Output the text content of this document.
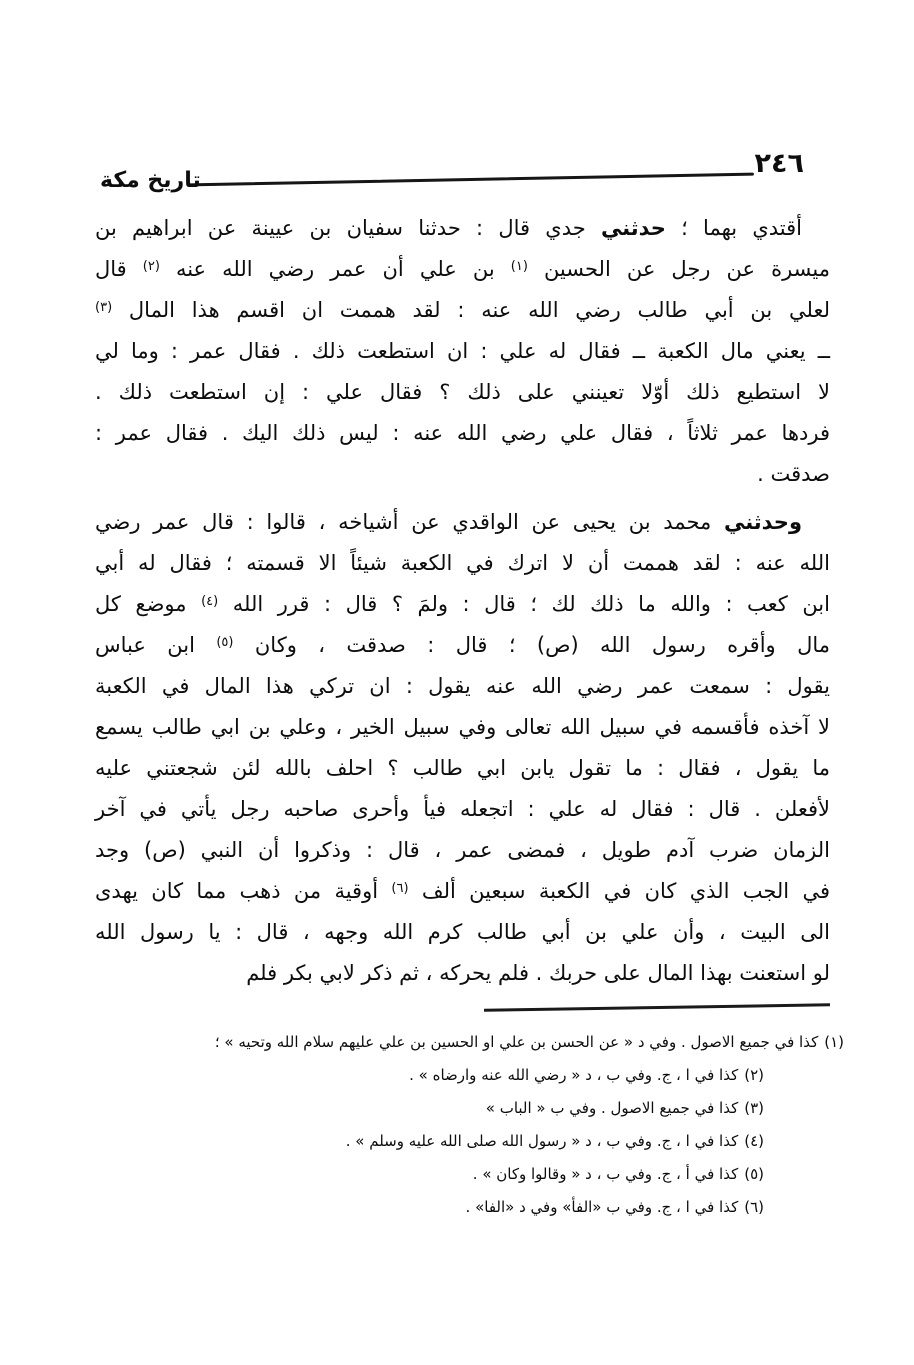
٢٤٦
تاريخ مكة
أقتدي بهما ؛ حدثني جدي قال : حدثنا سفيان بن عيينة عن ابراهيم بن
ميسرة عن رجل عن الحسين $^{(١)}$ بن علي أن عمر رضي الله عنه $^{(٢)}$ قال
لعلي بن أبي طالب رضي الله عنه : لقد هممت ان اقسم هذا المال $^{(٣)}$
ــ يعني مال الكعبة ــ فقال له علي : ان استطعت ذلك . فقال عمر : وما لي
لا استطيع ذلك أوّلا تعينني على ذلك ؟ فقال علي : إن استطعت ذلك .
فردها عمر ثلاثاً ، فقال علي رضي الله عنه : ليس ذلك اليك . فقال عمر :
صدقت .
وحدثني محمد بن يحيى عن الواقدي عن أشياخه ، قالوا : قال عمر رضي
الله عنه : لقد هممت أن لا اترك في الكعبة شيئاً الا قسمته ؛ فقال له أبي
ابن كعب : والله ما ذلك لك ؛ قال : ولمَ ؟ قال : قرر الله $^{(٤)}$ موضع كل
مال وأقره رسول الله (ص) ؛ قال : صدقت ، وكان $^{(٥)}$ ابن عباس
يقول : سمعت عمر رضي الله عنه يقول : ان تركي هذا المال في الكعبة
لا آخذه فأقسمه في سبيل الله تعالى وفي سبيل الخير ، وعلي بن ابي طالب يسمع
ما يقول ، فقال : ما تقول يابن ابي طالب ؟ احلف بالله لئن شجعتني عليه
لأفعلن . قال : فقال له علي : اتجعله فيأ وأحرى صاحبه رجل يأتي في آخر
الزمان ضرب آدم طويل ، فمضى عمر ، قال : وذكروا أن النبي (ص) وجد
في الجب الذي كان في الكعبة سبعين ألف $^{(٦)}$ أوقية من ذهب مما كان يهدى
الى البيت ، وأن علي بن أبي طالب كرم الله وجهه ، قال : يا رسول الله
لو استعنت بهذا المال على حربك . فلم يحركه ، ثم ذكر لابي بكر فلم
(١)كذا في جميع الاصول . وفي د « عن الحسن بن علي او الحسين بن علي عليهم سلام الله وتحيه » ؛
(٢)كذا في ا ، ج. وفي ب ، د « رضي الله عنه وارضاه » .
(٣)كذا في جميع الاصول . وفي ب « الباب »
(٤)كذا في ا ، ج. وفي ب ، د « رسول الله صلى الله عليه وسلم » .
(٥)كذا في أ ، ج. وفي ب ، د « وقالوا وكان » .
(٦)كذا في ا ، ج. وفي ب «الفأ» وفي د «الفا» .
